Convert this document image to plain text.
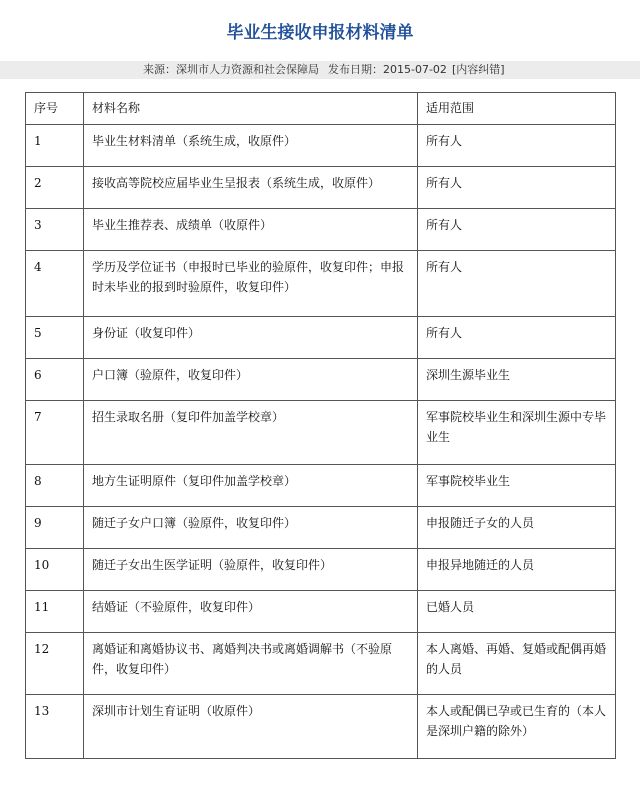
毕业生接收申报材料清单
来源：深圳市人力资源和社会保障局 发布日期：2015-07-02 [内容纠错]
序号	材料名称	适用范围
1	毕业生材料清单（系统生成，收原件）	所有人
2	接收高等院校应届毕业生呈报表（系统生成，收原件）	所有人
3	毕业生推荐表、成绩单（收原件）	所有人
4	学历及学位证书（申报时已毕业的验原件，收复印件；申报时未毕业的报到时验原件，收复印件）	所有人
5	身份证（收复印件）	所有人
6	户口簿（验原件，收复印件）	深圳生源毕业生
7	招生录取名册（复印件加盖学校章）	军事院校毕业生和深圳生源中专毕业生
8	地方生证明原件（复印件加盖学校章）	军事院校毕业生
9	随迁子女户口簿（验原件，收复印件）	申报随迁子女的人员
10	随迁子女出生医学证明（验原件，收复印件）	申报异地随迁的人员
11	结婚证（不验原件，收复印件）	已婚人员
12	离婚证和离婚协议书、离婚判决书或离婚调解书（不验原件，收复印件）	本人离婚、再婚、复婚或配偶再婚的人员
13	深圳市计划生育证明（收原件）	本人或配偶已孕或已生育的（本人是深圳户籍的除外）
